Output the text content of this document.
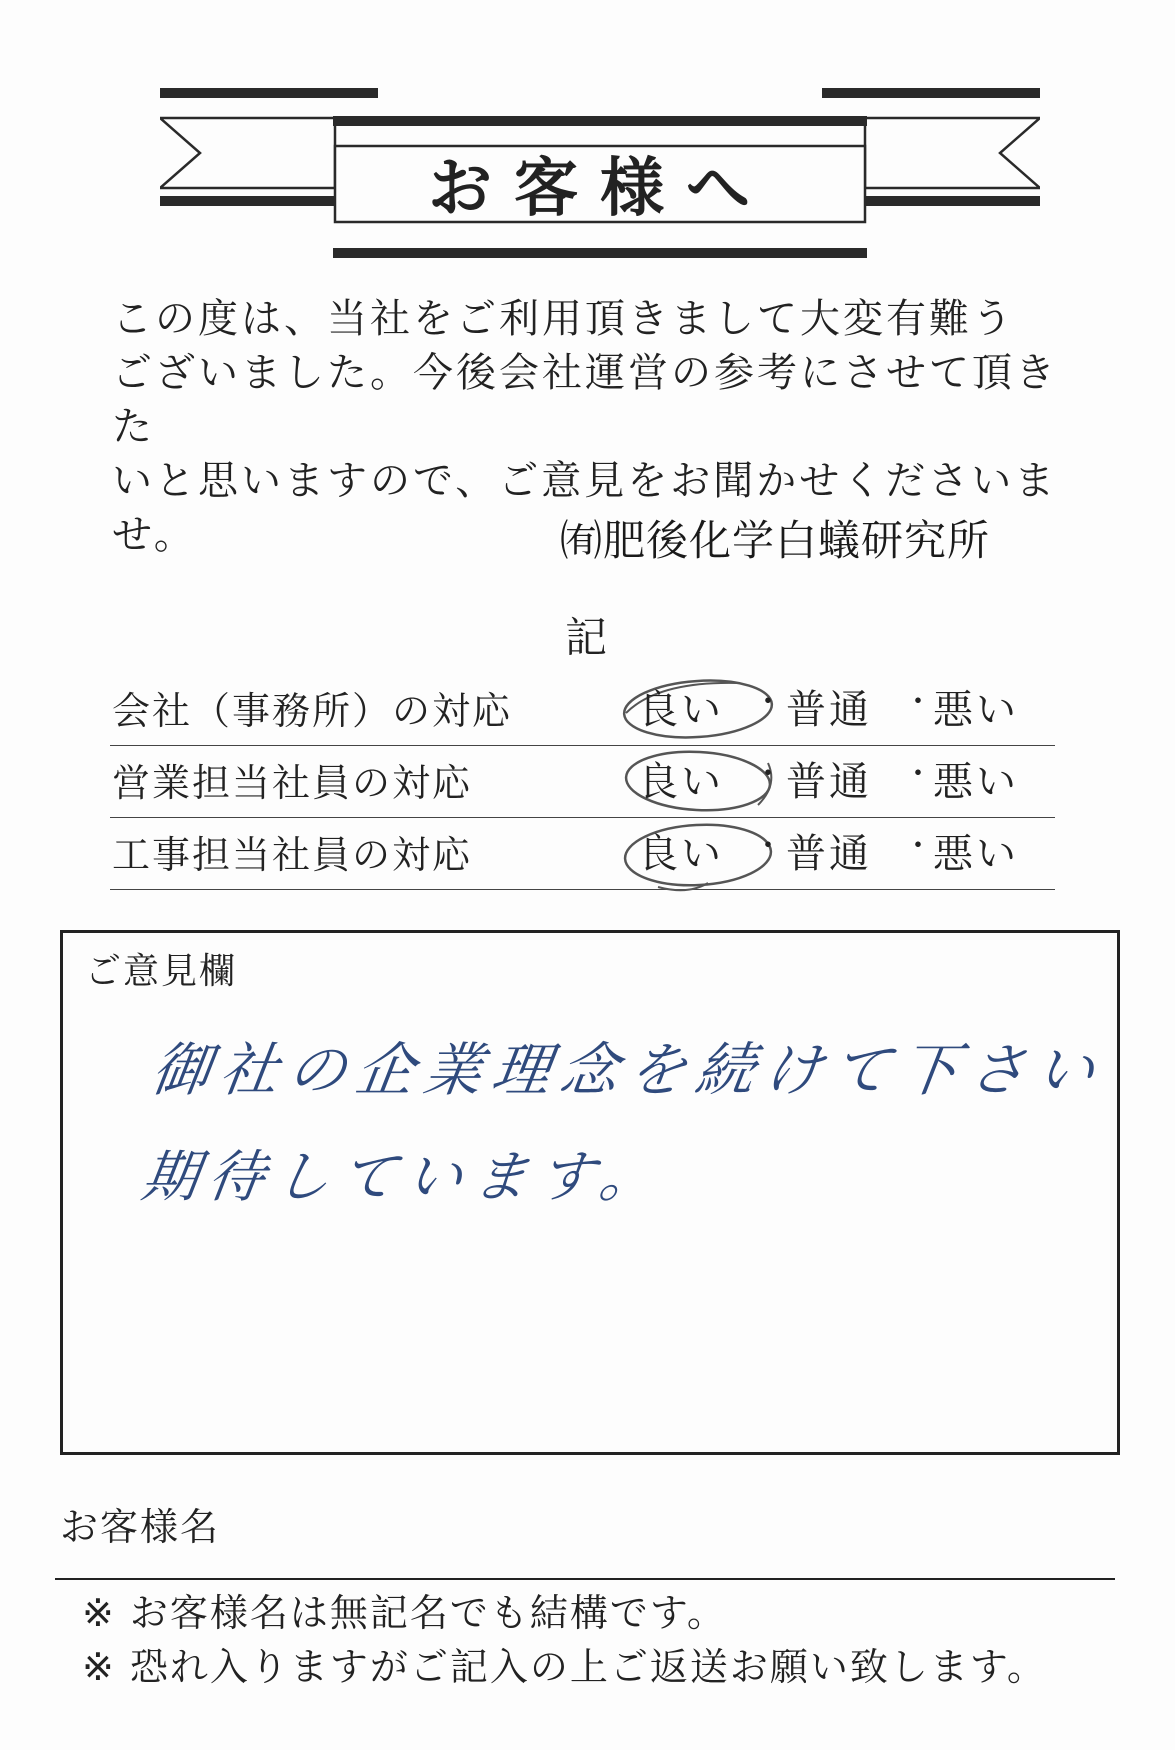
お客様へ
この度は、当社をご利用頂きまして大変有難う
ございました。今後会社運営の参考にさせて頂きた
いと思いますので、ご意見をお聞かせくださいませ。	㈲肥後化学白蟻研究所
記
会社（事務所）の対応	良い ・ 普通 ・ 悪い
営業担当社員の対応	良い ・ 普通 ・ 悪い
工事担当社員の対応	良い ・ 普通 ・ 悪い
ご意見欄
御社の企業理念を続けて下さい
期待しています。
お客様名
※ お客様名は無記名でも結構です。
※ 恐れ入りますがご記入の上ご返送お願い致します。
